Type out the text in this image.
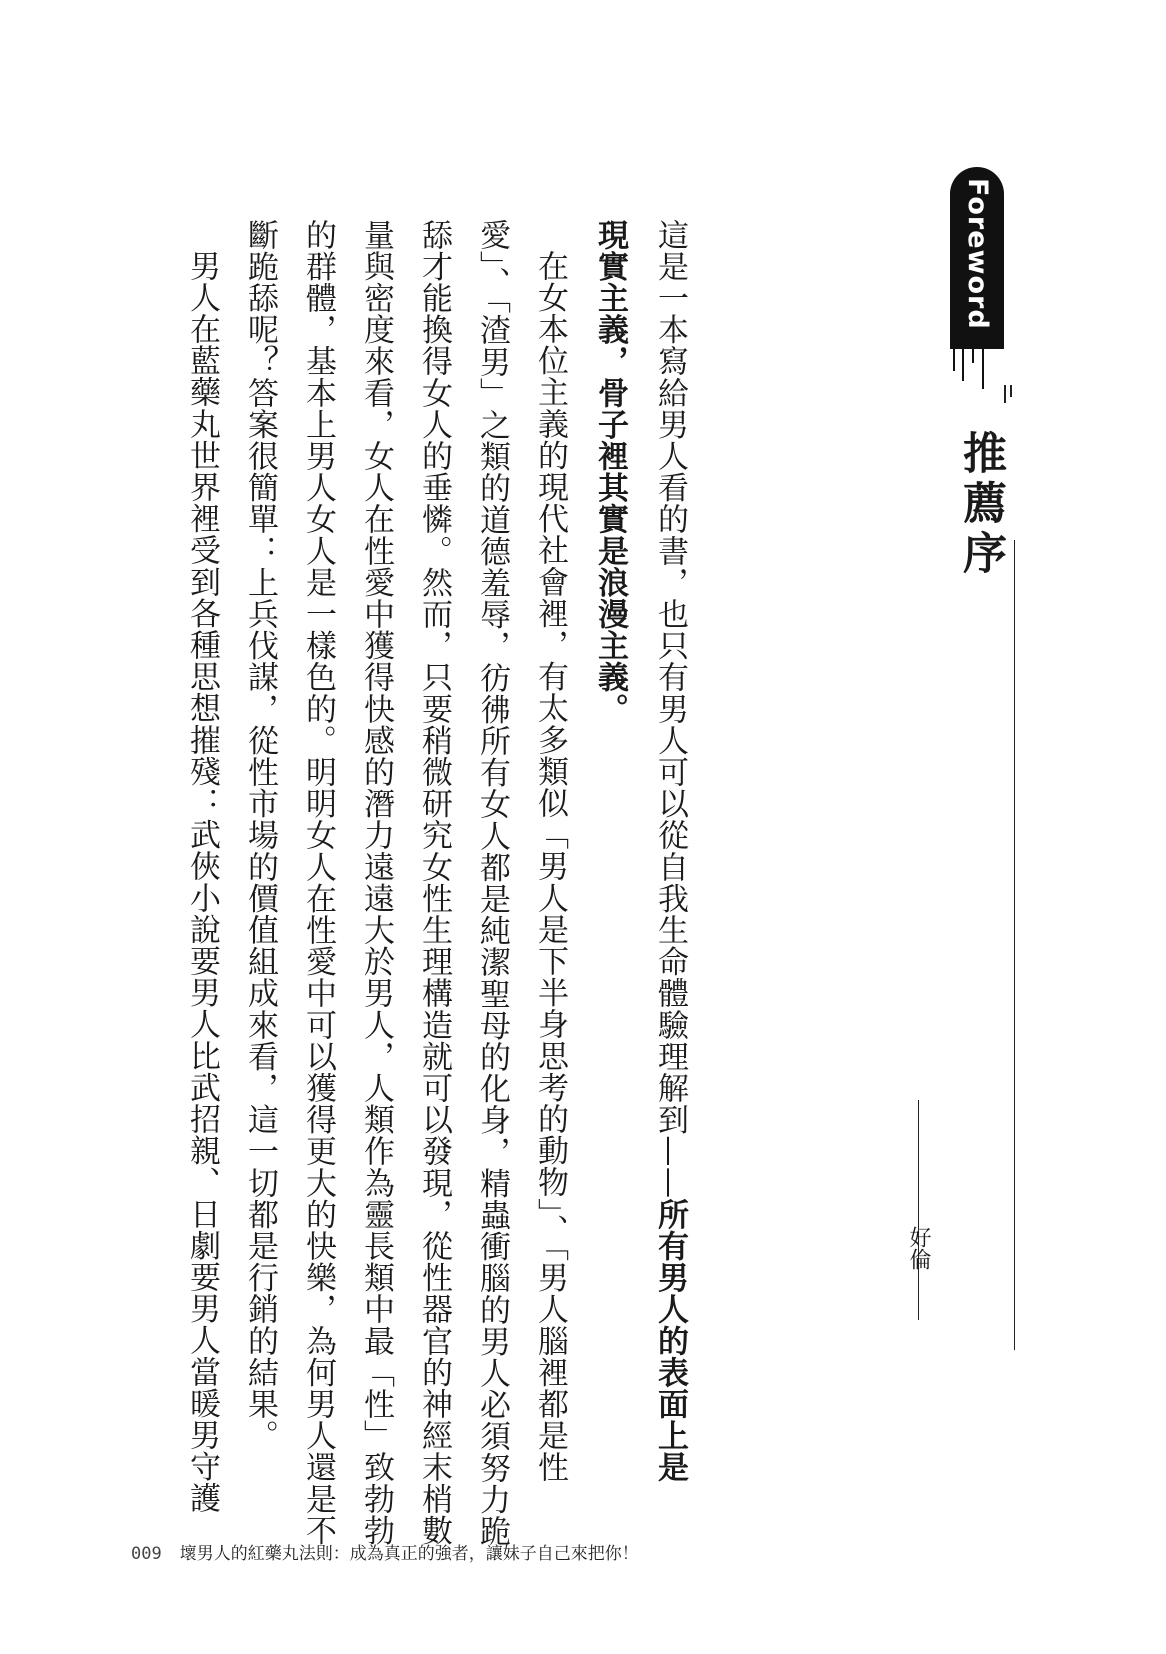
Foreword
推薦序
好倫
這是一本寫給男人看的書，也只有男人可以從自我生命體驗理解到——所有男人的表面上是
現實主義，骨子裡其實是浪漫主義。
在女本位主義的現代社會裡，有太多類似「男人是下半身思考的動物」、「男人腦裡都是性
愛」、「渣男」之類的道德羞辱，彷彿所有女人都是純潔聖母的化身，精蟲衝腦的男人必須努力跪
舔才能換得女人的垂憐。然而，只要稍微研究女性生理構造就可以發現，從性器官的神經末梢數
量與密度來看，女人在性愛中獲得快感的潛力遠遠大於男人，人類作為靈長類中最「性」致勃勃
的群體，基本上男人女人是一樣色的。明明女人在性愛中可以獲得更大的快樂，為何男人還是不
斷跪舔呢？答案很簡單：上兵伐謀，從性市場的價值組成來看，這一切都是行銷的結果。
男人在藍藥丸世界裡受到各種思想摧殘：武俠小說要男人比武招親、日劇要男人當暖男守護
009 壞男人的紅藥丸法則：成為真正的強者，讓妹子自己來把你！
